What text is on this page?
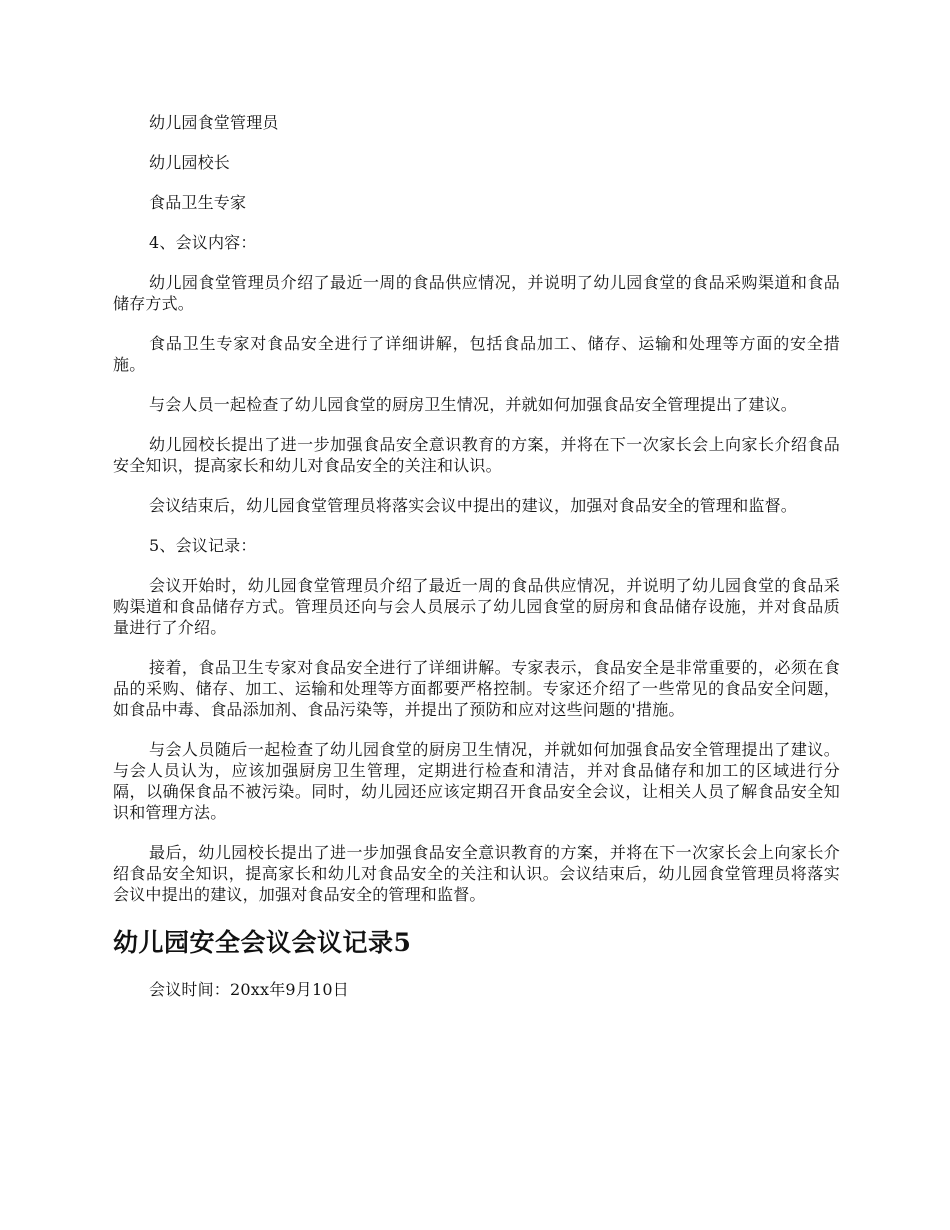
幼儿园食堂管理员

幼儿园校长

食品卫生专家

4、会议内容：

幼儿园食堂管理员介绍了最近一周的食品供应情况，并说明了幼儿园食堂的食品采购渠道和食品储存方式。

食品卫生专家对食品安全进行了详细讲解，包括食品加工、储存、运输和处理等方面的安全措施。

与会人员一起检查了幼儿园食堂的厨房卫生情况，并就如何加强食品安全管理提出了建议。

幼儿园校长提出了进一步加强食品安全意识教育的方案，并将在下一次家长会上向家长介绍食品安全知识，提高家长和幼儿对食品安全的关注和认识。

会议结束后，幼儿园食堂管理员将落实会议中提出的建议，加强对食品安全的管理和监督。

5、会议记录：

会议开始时，幼儿园食堂管理员介绍了最近一周的食品供应情况，并说明了幼儿园食堂的食品采购渠道和食品储存方式。管理员还向与会人员展示了幼儿园食堂的厨房和食品储存设施，并对食品质量进行了介绍。

接着，食品卫生专家对食品安全进行了详细讲解。专家表示，食品安全是非常重要的，必须在食品的采购、储存、加工、运输和处理等方面都要严格控制。专家还介绍了一些常见的食品安全问题，如食品中毒、食品添加剂、食品污染等，并提出了预防和应对这些问题的'措施。

与会人员随后一起检查了幼儿园食堂的厨房卫生情况，并就如何加强食品安全管理提出了建议。与会人员认为，应该加强厨房卫生管理，定期进行检查和清洁，并对食品储存和加工的区域进行分隔，以确保食品不被污染。同时，幼儿园还应该定期召开食品安全会议，让相关人员了解食品安全知识和管理方法。

最后，幼儿园校长提出了进一步加强食品安全意识教育的方案，并将在下一次家长会上向家长介绍食品安全知识，提高家长和幼儿对食品安全的关注和认识。会议结束后，幼儿园食堂管理员将落实会议中提出的建议，加强对食品安全的管理和监督。

幼儿园安全会议会议记录5

会议时间：20xx年9月10日
